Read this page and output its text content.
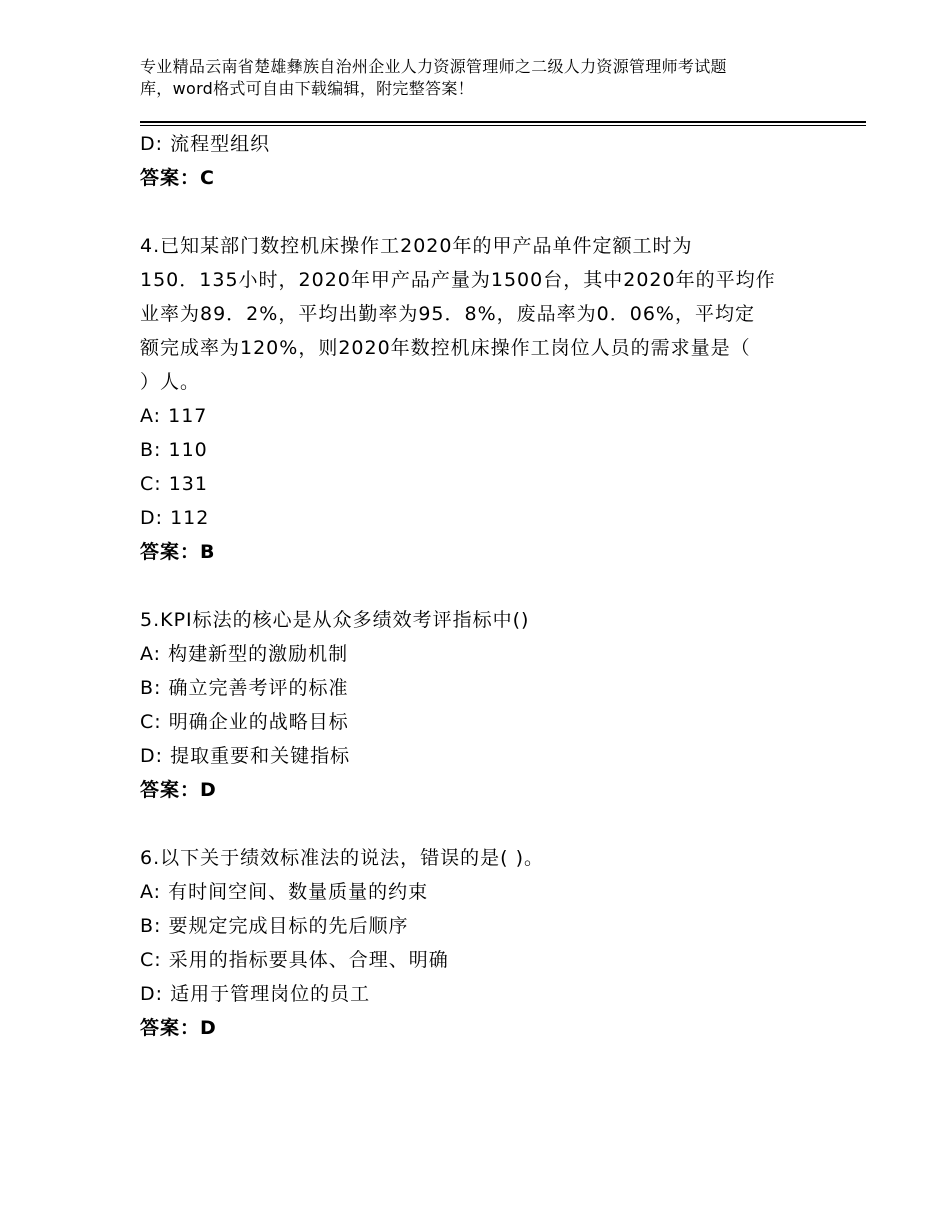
专业精品云南省楚雄彝族自治州企业人力资源管理师之二级人力资源管理师考试题
库，word格式可自由下载编辑，附完整答案！
D: 流程型组织
答案：C
4.已知某部门数控机床操作工2020年的甲产品单件定额工时为
150．135小时，2020年甲产品产量为1500台，其中2020年的平均作
业率为89．2%，平均出勤率为95．8%，废品率为0．06%，平均定
额完成率为120%，则2020年数控机床操作工岗位人员的需求量是（
）人。
A: 117
B: 110
C: 131
D: 112
答案：B
5.KPI标法的核心是从众多绩效考评指标中()
A: 构建新型的激励机制
B: 确立完善考评的标准
C: 明确企业的战略目标
D: 提取重要和关键指标
答案：D
6.以下关于绩效标准法的说法，错误的是( )。
A: 有时间空间、数量质量的约束
B: 要规定完成目标的先后顺序
C: 采用的指标要具体、合理、明确
D: 适用于管理岗位的员工
答案：D
